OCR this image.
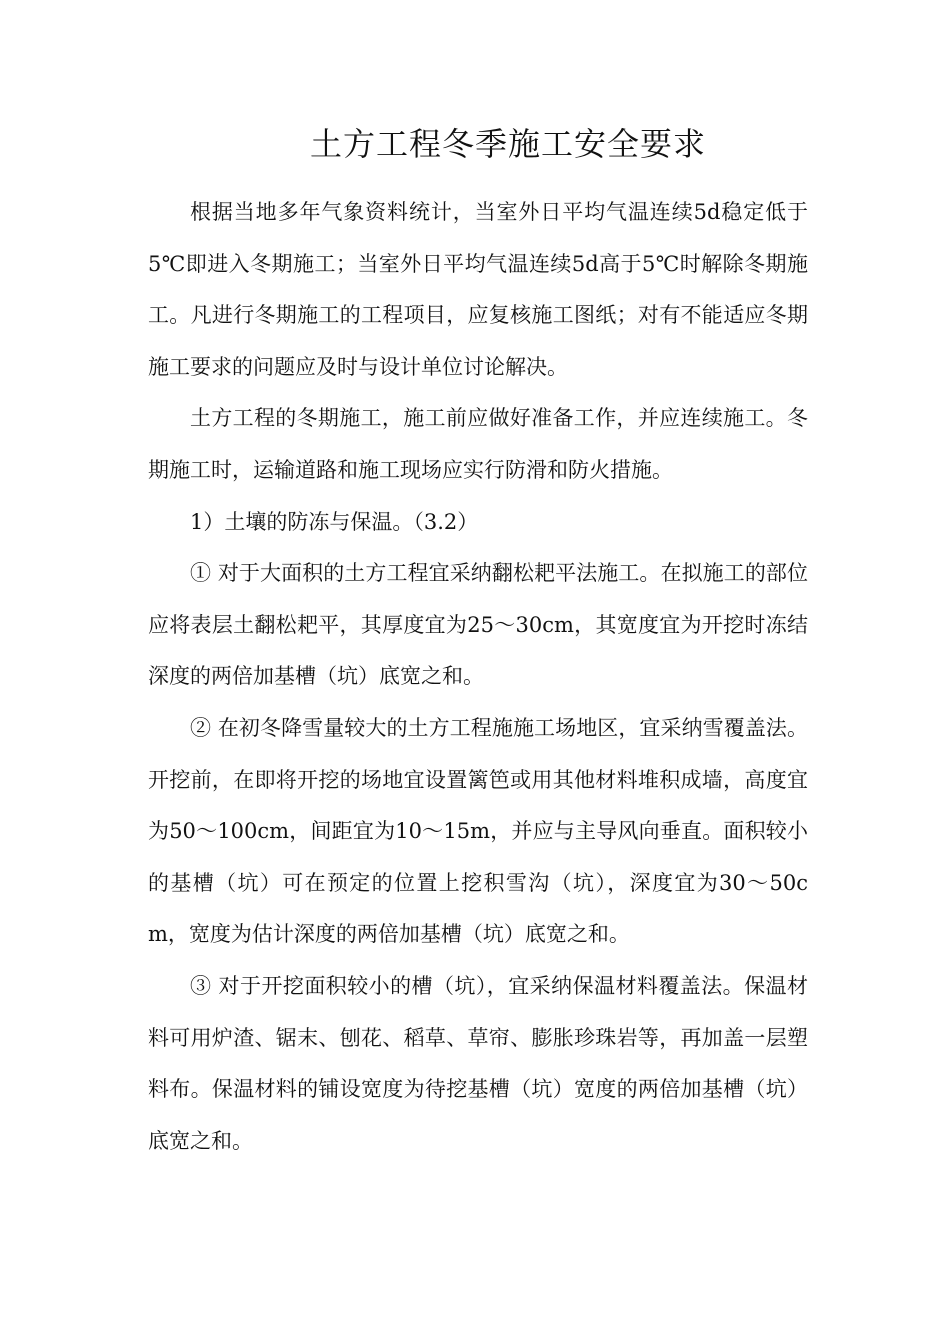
土方工程冬季施工安全要求

根据当地多年气象资料统计，当室外日平均气温连续5d稳定低于5℃即进入冬期施工；当室外日平均气温连续5d高于5℃时解除冬期施工。凡进行冬期施工的工程项目，应复核施工图纸；对有不能适应冬期施工要求的问题应及时与设计单位讨论解决。

土方工程的冬期施工，施工前应做好准备工作，并应连续施工。冬期施工时，运输道路和施工现场应实行防滑和防火措施。

1）土壤的防冻与保温。（3.2）

① 对于大面积的土方工程宜采纳翻松耙平法施工。在拟施工的部位应将表层土翻松耙平，其厚度宜为25～30cm，其宽度宜为开挖时冻结深度的两倍加基槽（坑）底宽之和。

② 在初冬降雪量较大的土方工程施施工场地区，宜采纳雪覆盖法。开挖前，在即将开挖的场地宜设置篱笆或用其他材料堆积成墙，高度宜为50～100cm，间距宜为10～15m，并应与主导风向垂直。面积较小的基槽（坑）可在预定的位置上挖积雪沟（坑），深度宜为30～50cm，宽度为估计深度的两倍加基槽（坑）底宽之和。

③ 对于开挖面积较小的槽（坑），宜采纳保温材料覆盖法。保温材料可用炉渣、锯末、刨花、稻草、草帘、膨胀珍珠岩等，再加盖一层塑料布。保温材料的铺设宽度为待挖基槽（坑）宽度的两倍加基槽（坑）底宽之和。
